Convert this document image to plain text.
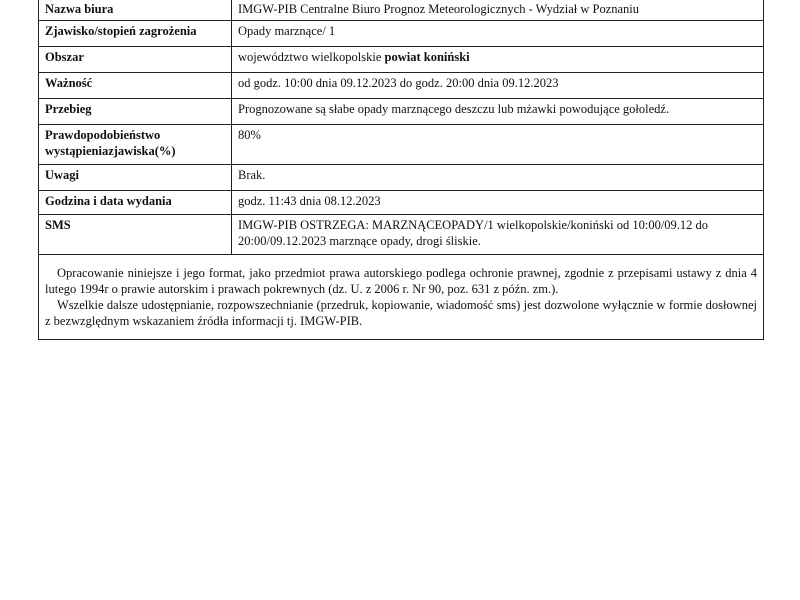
Nazwa biura	IMGW-PIB Centralne Biuro Prognoz Meteorologicznych - Wydział w Poznaniu
Zjawisko/stopień zagrożenia	Opady marznące/ 1
Obszar	województwo wielkopolskie powiat koniński
Ważność	od godz. 10:00 dnia 09.12.2023 do godz. 20:00 dnia 09.12.2023
Przebieg	Prognozowane są słabe opady marznącego deszczu lub mżawki powodujące gołoledź.
Prawdopodobieństwo wystąpieniazjawiska(%)	80%
Uwagi	Brak.
Godzina i data wydania	godz. 11:43 dnia 08.12.2023
SMS	IMGW-PIB OSTRZEGA: MARZNĄCEOPADY/1 wielkopolskie/koniński od 10:00/09.12 do 20:00/09.12.2023 marznące opady, drogi śliskie.

Opracowanie niniejsze i jego format, jako przedmiot prawa autorskiego podlega ochronie prawnej, zgodnie z przepisami ustawy z dnia 4 lutego 1994r o prawie autorskim i prawach pokrewnych (dz. U. z 2006 r. Nr 90, poz. 631 z późn. zm.).

Wszelkie dalsze udostępnianie, rozpowszechnianie (przedruk, kopiowanie, wiadomość sms) jest dozwolone wyłącznie w formie dosłownej z bezwzględnym wskazaniem źródła informacji tj. IMGW-PIB.
